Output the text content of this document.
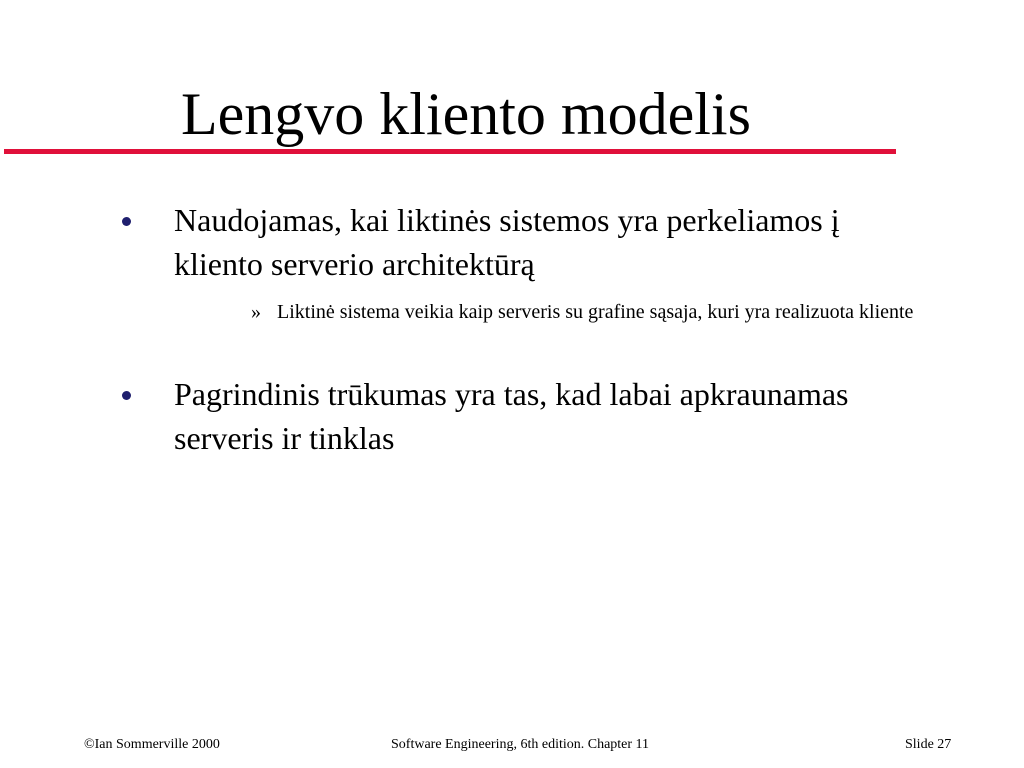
Lengvo kliento modelis
Naudojamas, kai liktinės sistemos yra perkeliamos į kliento serverio architektūrą
» Liktinė sistema veikia kaip serveris su grafine sąsaja, kuri yra realizuota kliente
Pagrindinis trūkumas yra tas, kad labai apkraunamas serveris ir tinklas
©Ian Sommerville 2000	Software Engineering, 6th edition. Chapter 11	Slide 27
